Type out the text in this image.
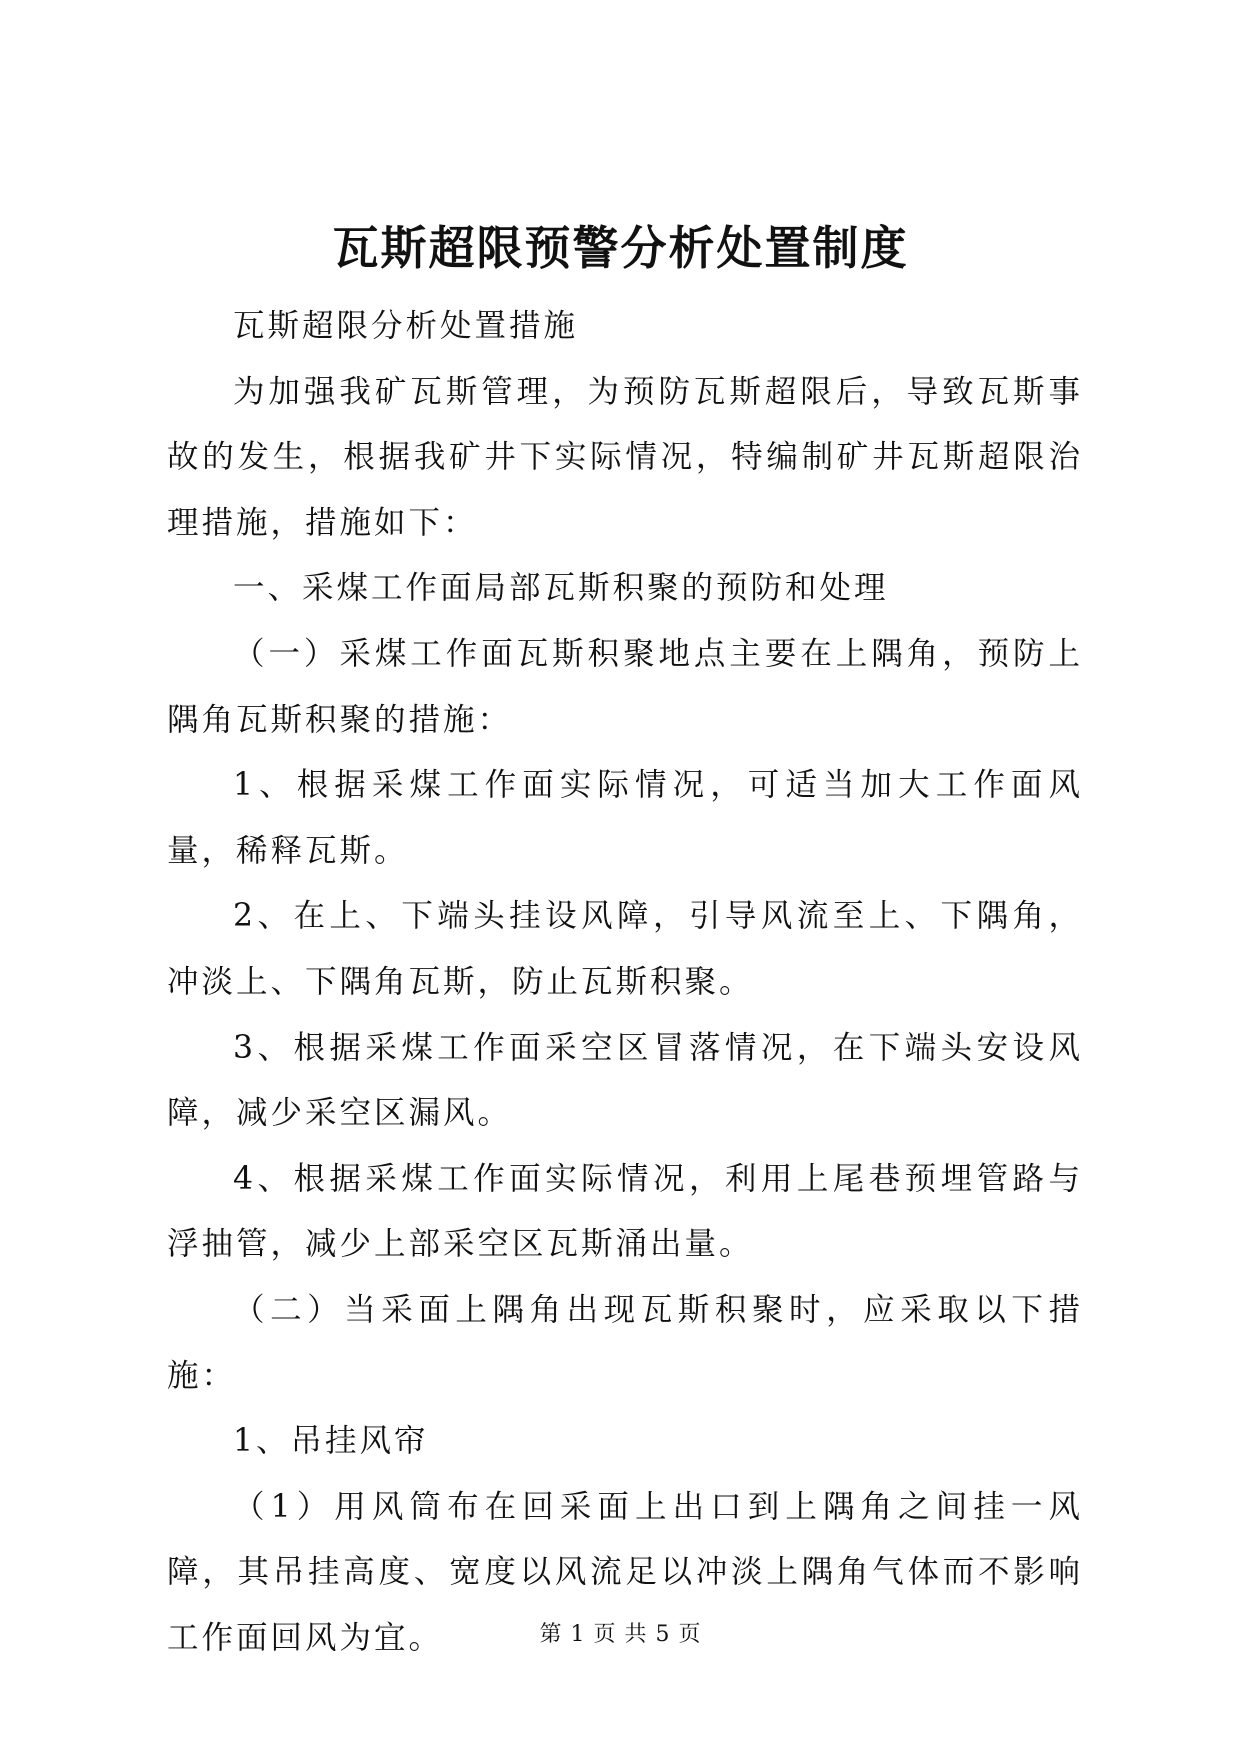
瓦斯超限预警分析处置制度

瓦斯超限分析处置措施

为加强我矿瓦斯管理，为预防瓦斯超限后，导致瓦斯事故的发生，根据我矿井下实际情况，特编制矿井瓦斯超限治理措施，措施如下：

一、采煤工作面局部瓦斯积聚的预防和处理

（一）采煤工作面瓦斯积聚地点主要在上隅角，预防上隅角瓦斯积聚的措施：

1、根据采煤工作面实际情况，可适当加大工作面风量，稀释瓦斯。

2、在上、下端头挂设风障，引导风流至上、下隅角，冲淡上、下隅角瓦斯，防止瓦斯积聚。

3、根据采煤工作面采空区冒落情况，在下端头安设风障，减少采空区漏风。

4、根据采煤工作面实际情况，利用上尾巷预埋管路与浮抽管，减少上部采空区瓦斯涌出量。

（二）当采面上隅角出现瓦斯积聚时，应采取以下措施：

1、吊挂风帘

（1）用风筒布在回采面上出口到上隅角之间挂一风障，其吊挂高度、宽度以风流足以冲淡上隅角气体而不影响工作面回风为宜。	第 1 页 共 5 页
